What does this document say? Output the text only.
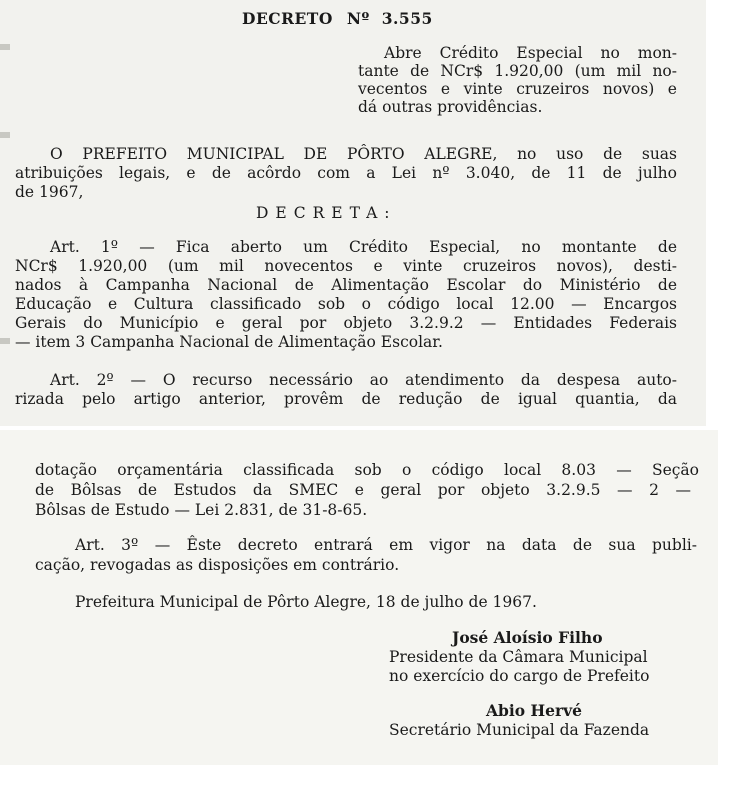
DECRETO Nº 3.555
Abre Crédito Especial no mon-
tante de NCr$ 1.920,00 (um mil no-
vecentos e vinte cruzeiros novos) e
dá outras providências.
O PREFEITO MUNICIPAL DE PÔRTO ALEGRE, no uso de suas
atribuições legais, e de acôrdo com a Lei nº 3.040, de 11 de julho
de 1967,
DECRETA:
Art. 1º — Fica aberto um Crédito Especial, no montante de
NCr$ 1.920,00 (um mil novecentos e vinte cruzeiros novos), desti-
nados à Campanha Nacional de Alimentação Escolar do Ministério de
Educação e Cultura classificado sob o código local 12.00 — Encargos
Gerais do Município e geral por objeto 3.2.9.2 — Entidades Federais
— item 3 Campanha Nacional de Alimentação Escolar.
Art. 2º — O recurso necessário ao atendimento da despesa auto-
rizada pelo artigo anterior, provêm de redução de igual quantia, da
dotação orçamentária classificada sob o código local 8.03 — Seção
de Bôlsas de Estudos da SMEC e geral por objeto 3.2.9.5 — 2 —
Bôlsas de Estudo — Lei 2.831, de 31-8-65.
Art. 3º — Êste decreto entrará em vigor na data de sua publi-
cação, revogadas as disposições em contrário.
Prefeitura Municipal de Pôrto Alegre, 18 de julho de 1967.
José Aloísio Filho
Presidente da Câmara Municipal
no exercício do cargo de Prefeito
Abio Hervé
Secretário Municipal da Fazenda
